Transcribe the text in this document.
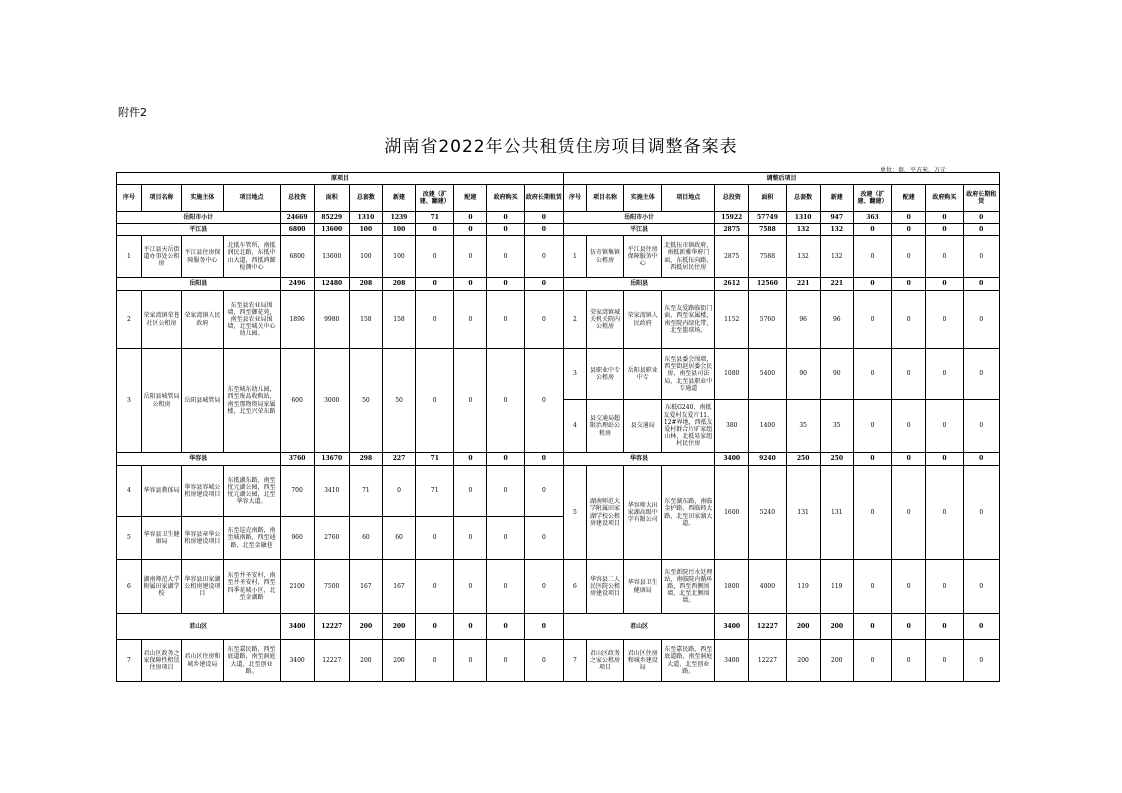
附件2
湖南省2022年公共租赁住房项目调整备案表
单位：套、平方米、万元
原项目												调整后项目											
序号	项目名称	实施主体	项目地点	总投资	面积	总套数	新建	改建（扩建、翻建）	配建	政府购买	政府长期租赁	序号	项目名称	实施主体	项目地点	总投资	面积	总套数	新建	改建（扩建、翻建）	配建	政府购买	政府长期租赁
岳阳市小计				24669	85229	1310	1239	71	0	0	0	岳阳市小计				15922	57749	1310	947	363	0	0	0
平江县				6800	13600	100	100	0	0	0	0	平江县				2875	7588	132	132	0	0	0	0
1	平江县天岳街道办事处公租房	平江县住房保障服务中心	北抵车管所，南抵润民北路，东抵中山大道，西抵鸿源检测中心	6800	13600	100	100	0	0	0	0	1	伍市镇集镇公租房	平江县住房保障服务中心	北抵伍市镇政府，南抵新雅华府门面，东抵伍向路，西抵居民住房	2875	7588	132	132	0	0	0	0
岳阳县				2496	12480	208	208	0	0	0	0	岳阳县				2612	12560	221	221	0	0	0	0
2	荣家湾镇荣苍社区公租房	荣家湾镇人民政府	东至县农业局围墙，西至御花苑，南至县农业局围墙，北至城关中心幼儿园。	1896	9980	158	158	0	0	0	0	2	荣家湾镇城关机关院内公租房	荣家湾镇人民政府	东至友爱路临街门面，西至家属楼，南至院内绿化带，北至篮球场。	1152	5760	96	96	0	0	0	0
3	岳阳县城管局公租房	岳阳县城管局	东至城东幼儿园，西至废品收购站，南至那物资局家属楼，北至兴荣东路	600	3000	50	50	0	0	0	0	3	县职业中专公租房	岳阳县职业中专	东至县委会围墙，西至街赵居委会民房，南至县司法局，北至县职业中专通道	1080	5400	90	90	0	0	0	0
												4	县交通局超限治理站公租房	县交通局	东抵G240，南抵友爱村友爱片11、12#界地，西抵友爱村群合片旷家组山林，北抵易家组村民住房	380	1400	35	35	0	0	0	0
华容县				3760	13670	298	227	71	0	0	0	华容县				3400	9240	250	250	0	0	0	0
4	华容县教体局	华容县容城公租房建设项目	东抵湖东路，南至忧元湖公园，西至忧元湖公园，北至华容大道。	700	3410	71	0	71	0	0	0	5	湖南师范大学附属田家湖学校公租房建设项目	华容师大田家湖高级中学有限公司	东至湖东路，南临金护路，西临师大路，北至田家湖大道。	1600	5240	131	131	0	0	0	0
5	华容县卫生健康局	华容县章华公租房建设项目	东至巡克南路，南至城南路，西至迪路，北至金融巷	960	2760	60	60	0	0	0	0												
6	湖南师范大学附属田家湖学校	华容县田家湖公租房建设项目	东至井圣安村，南至井圣安村，西至四季花城小区，北至金湖路	2100	7500	167	167	0	0	0	0	6	华容县二人民医院公租房建设项目	华容县卫生健康局	东至新院污水处理站，南临院内循环路，西至西侧围墙，北至北侧围墙。	1800	4000	119	119	0	0	0	0
君山区				3400	12227	200	200	0	0	0	0	君山区				3400	12227	200	200	0	0	0	0
7	君山区政务之家保障性租赁住房项目	君山区住房和城乡建设局	东至嘉民路，西至底道路，南至洞庭大道，北至创业路。	3400	12227	200	200	0	0	0	0	7	君山区政务之家公租房项目	君山区住房和城乡建设局	东至嘉民路，西至底道路，南至洞庭大道，北至创业路。	3400	12227	200	200	0	0	0	0
